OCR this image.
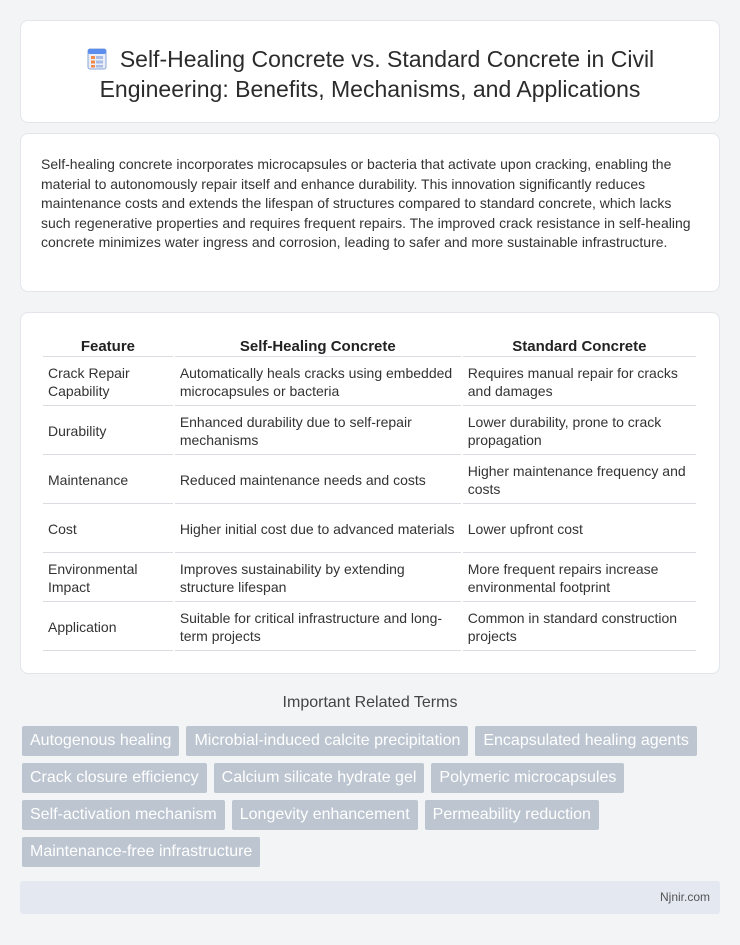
Self-Healing Concrete vs. Standard Concrete in Civil Engineering: Benefits, Mechanisms, and Applications

Self-healing concrete incorporates microcapsules or bacteria that activate upon cracking, enabling the material to autonomously repair itself and enhance durability. This innovation significantly reduces maintenance costs and extends the lifespan of structures compared to standard concrete, which lacks such regenerative properties and requires frequent repairs. The improved crack resistance in self-healing concrete minimizes water ingress and corrosion, leading to safer and more sustainable infrastructure.

Feature	Self-Healing Concrete	Standard Concrete
Crack Repair Capability	Automatically heals cracks using embedded microcapsules or bacteria	Requires manual repair for cracks and damages
Durability	Enhanced durability due to self-repair mechanisms	Lower durability, prone to crack propagation
Maintenance	Reduced maintenance needs and costs	Higher maintenance frequency and costs
Cost	Higher initial cost due to advanced materials	Lower upfront cost
Environmental Impact	Improves sustainability by extending structure lifespan	More frequent repairs increase environmental footprint
Application	Suitable for critical infrastructure and long-term projects	Common in standard construction projects
Important Related Terms
Autogenous healing	Microbial-induced calcite precipitation	Encapsulated healing agents
Crack closure efficiency	Calcium silicate hydrate gel	Polymeric microcapsules
Self-activation mechanism	Longevity enhancement	Permeability reduction
Maintenance-free infrastructure
Njnir.com
